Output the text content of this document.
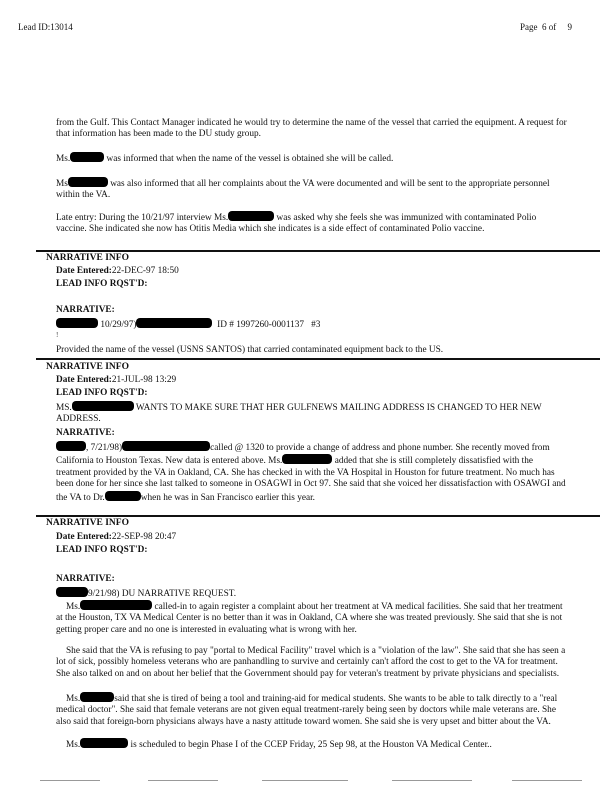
Lead ID:13014	Page 6 of 9

from the Gulf. This Contact Manager indicated he would try to determine the name of the vessel that carried the equipment. A request for that information has been made to the DU study group.

Ms.	was informed that when the name of the vessel is obtained she will be called.

Ms	was also informed that all her complaints about the VA were documented and will be sent to the appropriate personnel within the VA.

Late entry: During the 10/21/97 interview Ms.	was asked why she feels she was immunized with contaminated Polio vaccine. She indicated she now has Otitis Media which she indicates is a side effect of contaminated Polio vaccine.

NARRATIVE INFO
Date Entered:22-DEC-97 18:50
LEAD INFO RQST'D:
NARRATIVE:
10/29/97)	ID # 1997260-0001137 #3
!

Provided the name of the vessel (USNS SANTOS) that carried contaminated equipment back to the US.

NARRATIVE INFO
Date Entered:21-JUL-98 13:29
LEAD INFO RQST'D:

MS.	WANTS TO MAKE SURE THAT HER GULFNEWS MAILING ADDRESS IS CHANGED TO HER NEW ADDRESS.

NARRATIVE:

, 7/21/98)	called @ 1320 to provide a change of address and phone number. She recently moved from California to Houston Texas. New data is entered above. Ms.	added that she is still completely dissatisfied with the treatment provided by the VA in Oakland, CA. She has checked in with the VA Hospital in Houston for future treatment. No much has been done for her since she last talked to someone in OSAGWI in Oct 97. She said that she voiced her dissatisfaction with OSAWGI and the VA to Dr.	when he was in San Francisco earlier this year.

NARRATIVE INFO
Date Entered:22-SEP-98 20:47
LEAD INFO RQST'D:
NARRATIVE:
9/21/98) DU NARRATIVE REQUEST.

Ms.	called-in to again register a complaint about her treatment at VA medical facilities. She said that her treatment at the Houston, TX VA Medical Center is no better than it was in Oakland, CA where she was treated previously. She said that she is not getting proper care and no one is interested in evaluating what is wrong with her.

She said that the VA is refusing to pay "portal to Medical Facility" travel which is a "violation of the law". She said that she has seen a lot of sick, possibly homeless veterans who are panhandling to survive and certainly can't afford the cost to get to the VA for treatment. She also talked on and on about her belief that the Government should pay for veteran's treatment by private physicians and specialists.

Ms.	said that she is tired of being a tool and training-aid for medical students. She wants to be able to talk directly to a "real medical doctor". She said that female veterans are not given equal treatment-rarely being seen by doctors while male veterans are. She also said that foreign-born physicians always have a nasty attitude toward women. She said she is very upset and bitter about the VA.

Ms.	is scheduled to begin Phase I of the CCEP Friday, 25 Sep 98, at the Houston VA Medical Center..
